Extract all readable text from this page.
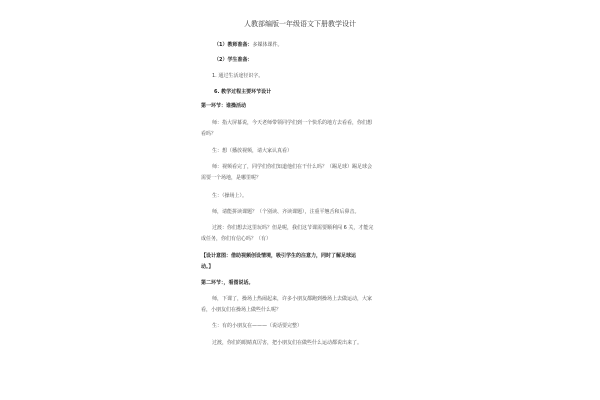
人教部编版一年级语文下册教学设计
（1）教师准备：多媒体课件。
（2）学生准备：
1. 通过生活途径识字。
6. 教学过程主要环节设计
第一环节：谁操活动
师：指大屏幕说，今天老师带领同学们到一个快乐的地方去看看，你们想
看吗？
生：想（播放视频，请大家认真看）
师：视频看完了，同学们你们知道他们在干什么吗？（踢足球）踢足球会
需要一个场地，是哪里呢？
生：（操场上）。
师，请能拼读课题？（个别读、齐读课题），注重平翘舌和后鼻音。
过渡：你们想去这里玩吗？但是呢，我们这节课需要顺利闯 6 关，才能完
成任务，你们有信心吗？（有）
【设计意图：借助视频创设情境，吸引学生的注意力，同时了解足球运
动。】
第二环节：，看图说话。
师，下课了，操场上热闹起来，许多小朋友都跑到操场上去做运动，大家
看，小朋友们在操场上做些什么呢？
生：有的小朋友在———（说话要完整）
过渡，你们的眼睛真厉害，把小朋友们在做些什么运动都说出来了。
